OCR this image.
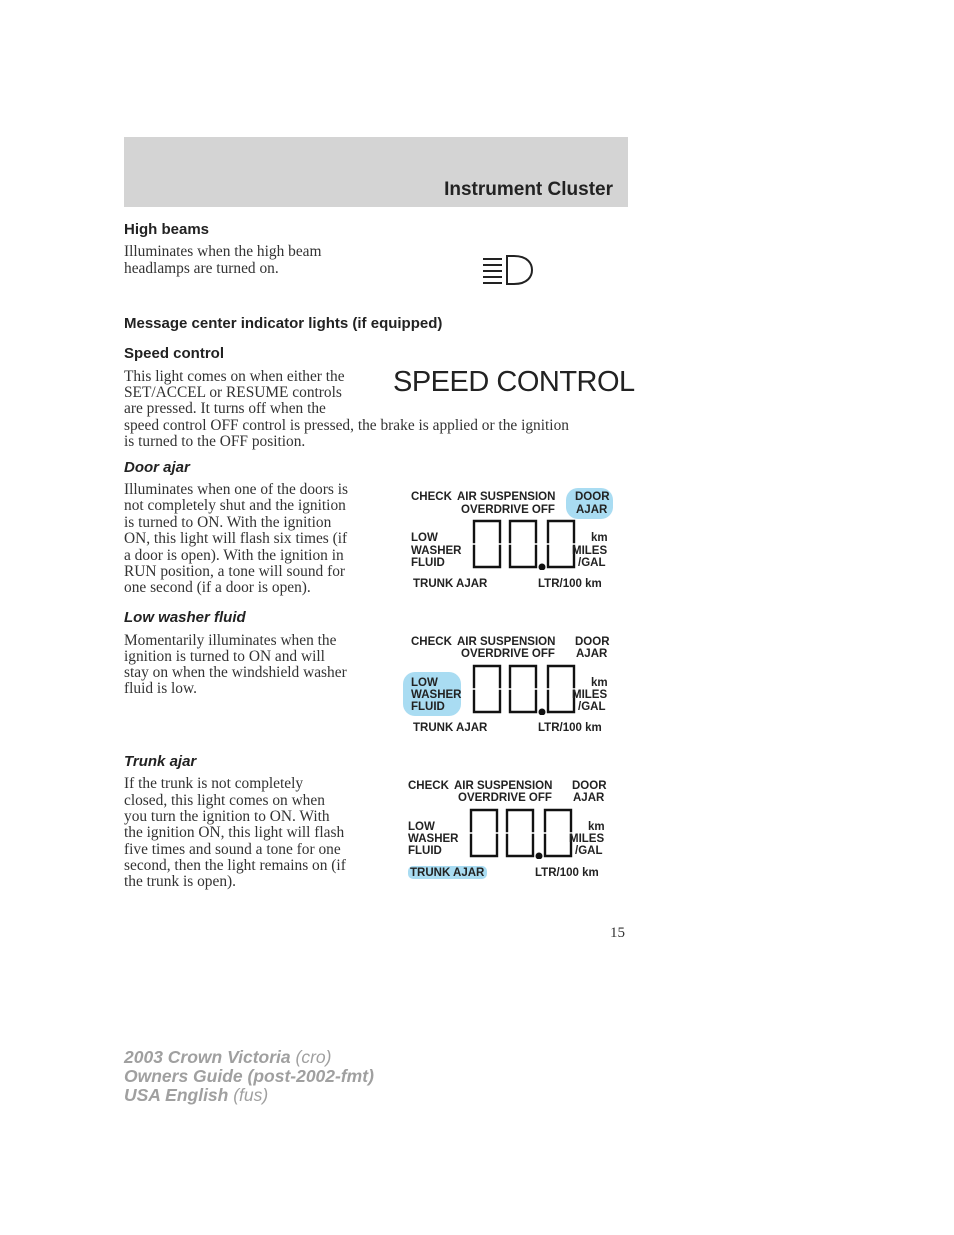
Instrument Cluster

High beams

Illuminates when the high beam

headlamps are turned on.

Message center indicator lights (if equipped)

Speed control

SPEED CONTROL

This light comes on when either the

SET/ACCEL or RESUME controls

are pressed. It turns off when the

speed control OFF control is pressed, the brake is applied or the ignition

is turned to the OFF position.

Door ajar

Illuminates when one of the doors is

not completely shut and the ignition

is turned to ON. With the ignition

ON, this light will flash six times (if

a door is open). With the ignition in

RUN position, a tone will sound for

one second (if a door is open).

Low washer fluid

Momentarily illuminates when the

ignition is turned to ON and will

stay on when the windshield washer

fluid is low.

Trunk ajar

If the trunk is not completely

closed, this light comes on when

you turn the ignition to ON. With

the ignition ON, this light will flash

five times and sound a tone for one

second, then the light remains on (if

the trunk is open).

CHECK AIR SUSPENSION
OVERDRIVE OFF
DOOR
AJAR
LOW
WASHER
FLUID
km
MILES
/GAL
TRUNK AJAR	LTR/100 km
CHECK AIR SUSPENSION
OVERDRIVE OFF
DOOR
AJAR
LOW
WASHER
FLUID
km
MILES
/GAL
TRUNK AJAR	LTR/100 km
CHECK AIR SUSPENSION
OVERDRIVE OFF
DOOR
AJAR
LOW
WASHER
FLUID
km
MILES
/GAL
TRUNK AJAR	LTR/100 km
15
2003 Crown Victoria (cro)
Owners Guide (post-2002-fmt)
USA English (fus)
